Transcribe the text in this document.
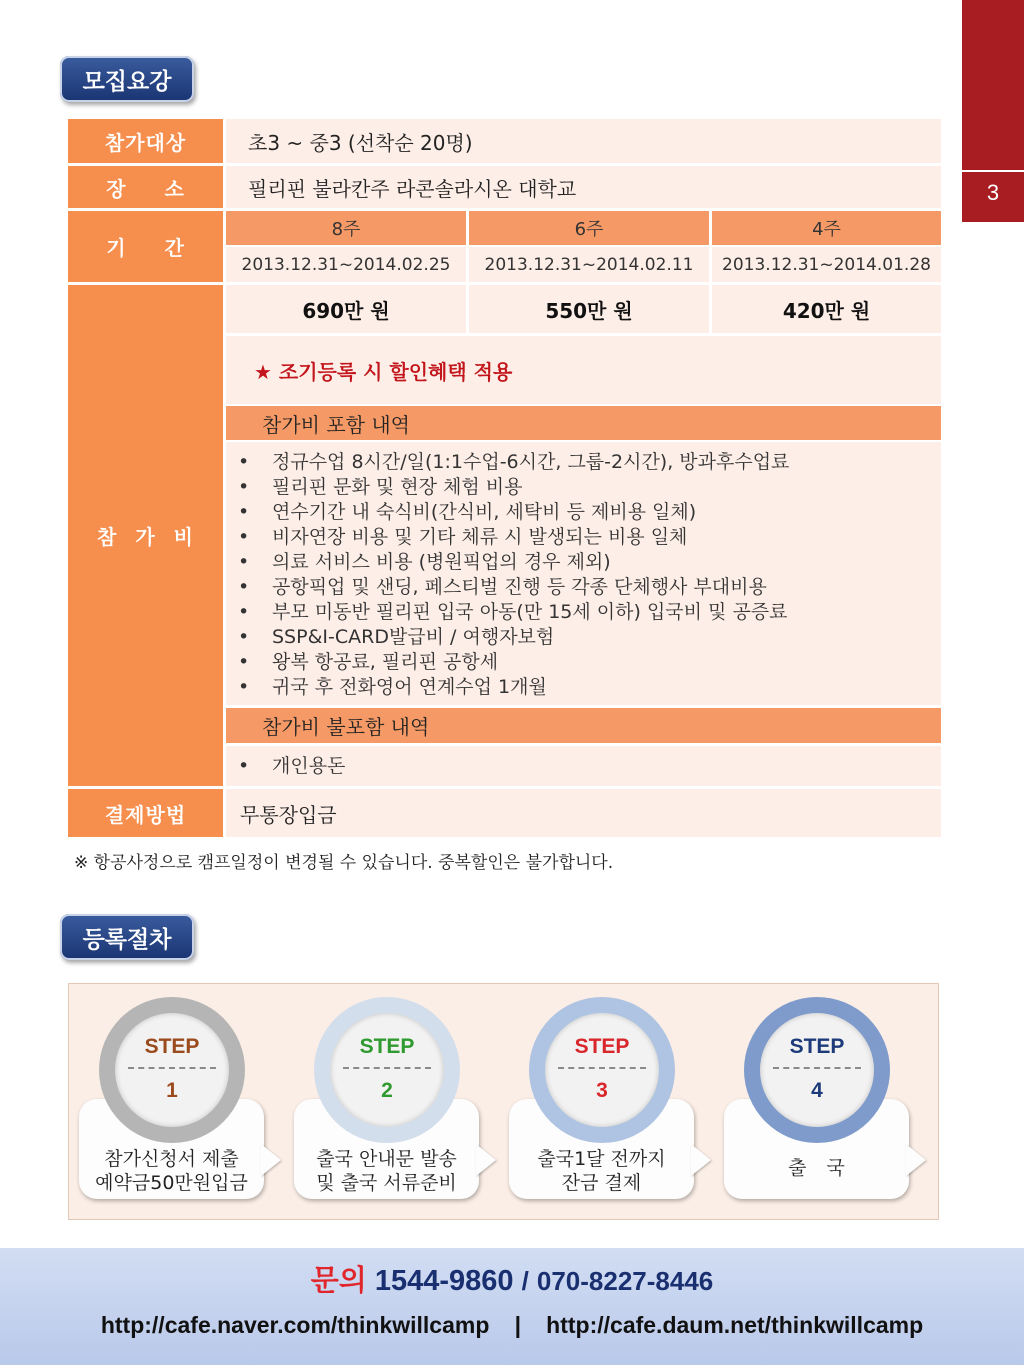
3
모집요강
참가대상	초3 ~ 중3 (선착순 20명)
장 소	필리핀 불라칸주 라콘솔라시온 대학교
기 간
8주	6주	4주
2013.12.31~2014.02.25	2013.12.31~2014.02.11	2013.12.31~2014.01.28
참 가 비
690만 원	550만 원	420만 원
★ 조기등록 시 할인혜택 적용
참가비 포함 내역
• 정규수업 8시간/일(1:1수업-6시간, 그룹-2시간), 방과후수업료
• 필리핀 문화 및 현장 체험 비용
• 연수기간 내 숙식비(간식비, 세탁비 등 제비용 일체)
• 비자연장 비용 및 기타 체류 시 발생되는 비용 일체
• 의료 서비스 비용 (병원픽업의 경우 제외)
• 공항픽업 및 샌딩, 페스티벌 진행 등 각종 단체행사 부대비용
• 부모 미동반 필리핀 입국 아동(만 15세 이하) 입국비 및 공증료
• SSP&I-CARD발급비 / 여행자보험
• 왕복 항공료, 필리핀 공항세
• 귀국 후 전화영어 연계수업 1개월
참가비 불포함 내역
• 개인용돈
결제방법	무통장입금
※ 항공사정으로 캠프일정이 변경될 수 있습니다. 중복할인은 불가합니다.
등록절차
참가신청서 제출
예약금50만원입금
STEP
1
출국 안내문 발송
및 출국 서류준비
STEP
2
출국1달 전까지
잔금 결제
STEP
3
출 국
STEP
4
문의 1544-9860 / 070-8227-8446
http://cafe.naver.com/thinkwillcamp | http://cafe.daum.net/thinkwillcamp
